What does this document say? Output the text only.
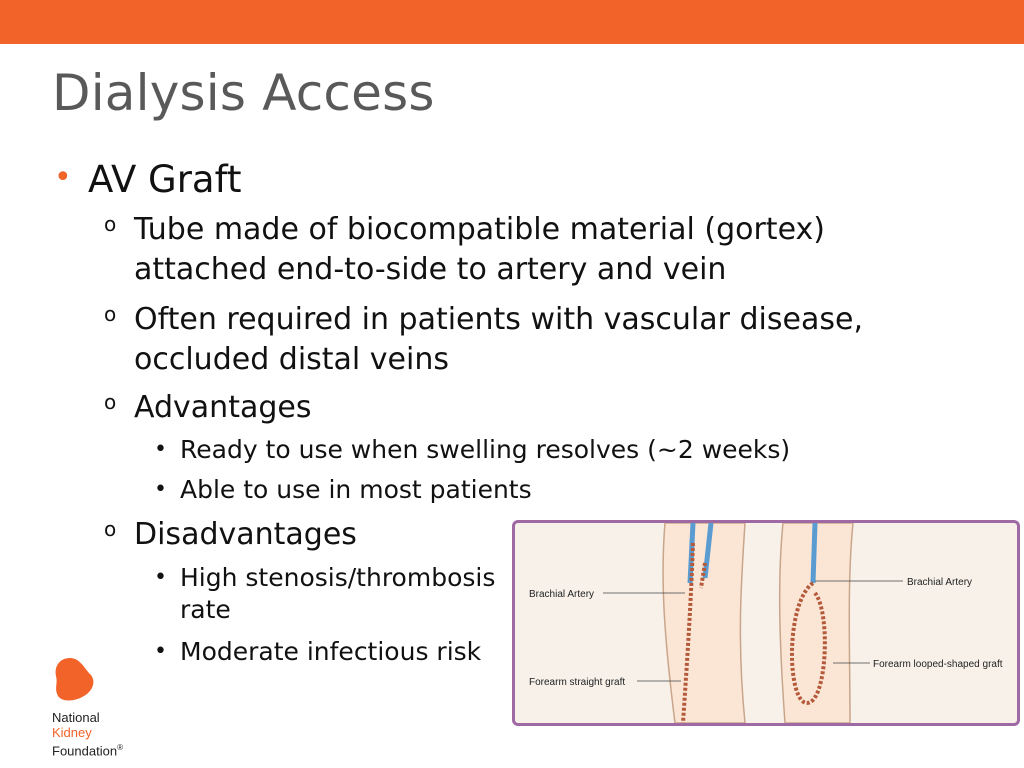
Dialysis Access
• AV Graft
o Tube made of biocompatible material (gortex) attached end-to-side to artery and vein
o Often required in patients with vascular disease, occluded distal veins
o Advantages
• Ready to use when swelling resolves (~2 weeks)
• Able to use in most patients
o Disadvantages
• High stenosis/thrombosis rate
• Moderate infectious risk
Brachial Artery
Forearm straight graft
Brachial Artery
Forearm looped-shaped graft
National
Kidney
Foundation®
